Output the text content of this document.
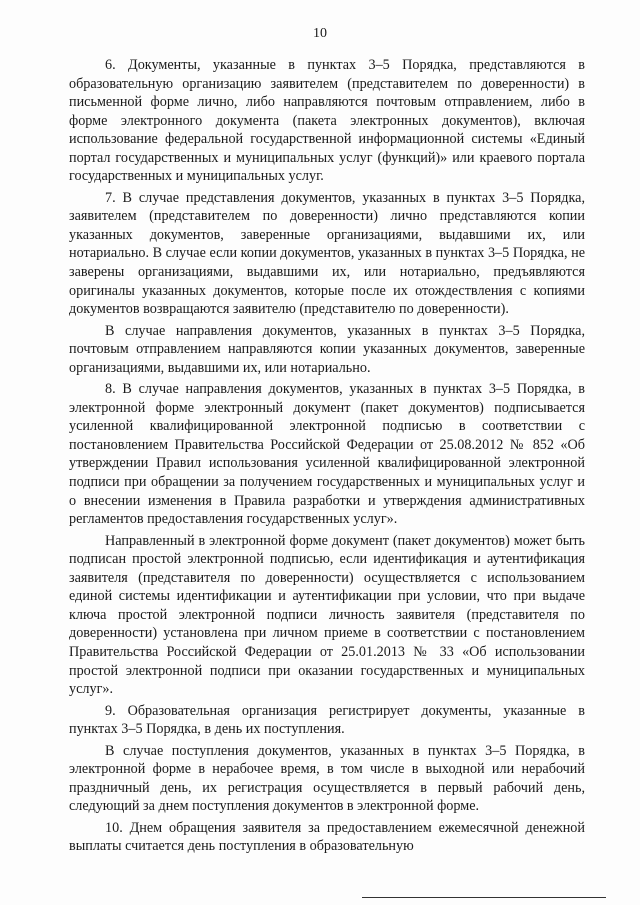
10

6. Документы, указанные в пунктах 3–5 Порядка, представляются в образовательную организацию заявителем (представителем по доверенности) в письменной форме лично, либо направляются почтовым отправлением, либо в форме электронного документа (пакета электронных документов), включая использование федеральной государственной информационной системы «Единый портал государственных и муниципальных услуг (функций)» или краевого портала государственных и муниципальных услуг.

7. В случае представления документов, указанных в пунктах 3–5 Порядка, заявителем (представителем по доверенности) лично представляются копии указанных документов, заверенные организациями, выдавшими их, или нотариально. В случае если копии документов, указанных в пунктах 3–5 Порядка, не заверены организациями, выдавшими их, или нотариально, предъявляются оригиналы указанных документов, которые после их отождествления с копиями документов возвращаются заявителю (представителю по доверенности).

В случае направления документов, указанных в пунктах 3–5 Порядка, почтовым отправлением направляются копии указанных документов, заверенные организациями, выдавшими их, или нотариально.

8. В случае направления документов, указанных в пунктах 3–5 Порядка, в электронной форме электронный документ (пакет документов) подписывается усиленной квалифицированной электронной подписью в соответствии с постановлением Правительства Российской Федерации от 25.08.2012 № 852 «Об утверждении Правил использования усиленной квалифицированной электронной подписи при обращении за получением государственных и муниципальных услуг и о внесении изменения в Правила разработки и утверждения административных регламентов предоставления государственных услуг».

Направленный в электронной форме документ (пакет документов) может быть подписан простой электронной подписью, если идентификация и аутентификация заявителя (представителя по доверенности) осуществляется с использованием единой системы идентификации и аутентификации при условии, что при выдаче ключа простой электронной подписи личность заявителя (представителя по доверенности) установлена при личном приеме в соответствии с постановлением Правительства Российской Федерации от 25.01.2013 № 33 «Об использовании простой электронной подписи при оказании государственных и муниципальных услуг».

9. Образовательная организация регистрирует документы, указанные в пунктах 3–5 Порядка, в день их поступления.

В случае поступления документов, указанных в пунктах 3–5 Порядка, в электронной форме в нерабочее время, в том числе в выходной или нерабочий праздничный день, их регистрация осуществляется в первый рабочий день, следующий за днем поступления документов в электронной форме.

10. Днем обращения заявителя за предоставлением ежемесячной денежной выплаты считается день поступления в образовательную
